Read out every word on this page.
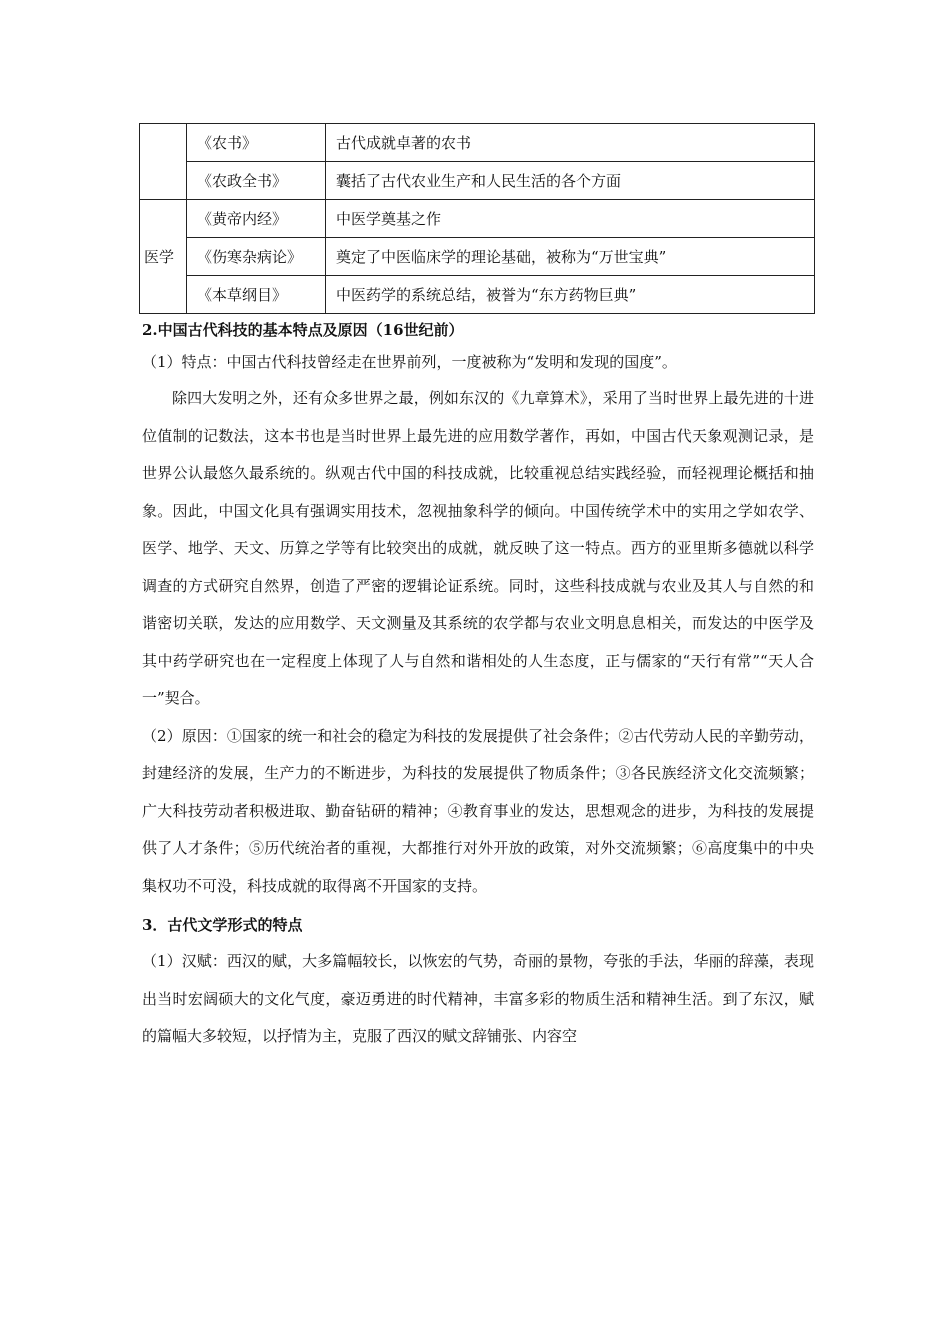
	《农书》	古代成就卓著的农书
	《农政全书》	囊括了古代农业生产和人民生活的各个方面
医学	《黄帝内经》	中医学奠基之作
	《伤寒杂病论》	奠定了中医临床学的理论基础，被称为“万世宝典”
	《本草纲目》	中医药学的系统总结，被誉为“东方药物巨典”

2.中国古代科技的基本特点及原因（16世纪前）

（1）特点：中国古代科技曾经走在世界前列，一度被称为“发明和发现的国度”。

除四大发明之外，还有众多世界之最，例如东汉的《九章算术》，采用了当时世界上最先进的十进位值制的记数法，这本书也是当时世界上最先进的应用数学著作，再如，中国古代天象观测记录，是世界公认最悠久最系统的。纵观古代中国的科技成就，比较重视总结实践经验，而轻视理论概括和抽象。因此，中国文化具有强调实用技术，忽视抽象科学的倾向。中国传统学术中的实用之学如农学、医学、地学、天文、历算之学等有比较突出的成就，就反映了这一特点。西方的亚里斯多德就以科学调查的方式研究自然界，创造了严密的逻辑论证系统。同时，这些科技成就与农业及其人与自然的和谐密切关联，发达的应用数学、天文测量及其系统的农学都与农业文明息息相关，而发达的中医学及其中药学研究也在一定程度上体现了人与自然和谐相处的人生态度，正与儒家的“天行有常”“天人合一”契合。

（2）原因：①国家的统一和社会的稳定为科技的发展提供了社会条件；②古代劳动人民的辛勤劳动，封建经济的发展，生产力的不断进步，为科技的发展提供了物质条件；③各民族经济文化交流频繁；广大科技劳动者积极进取、勤奋钻研的精神；④教育事业的发达，思想观念的进步，为科技的发展提供了人才条件；⑤历代统治者的重视，大都推行对外开放的政策，对外交流频繁；⑥高度集中的中央集权功不可没，科技成就的取得离不开国家的支持。

3．古代文学形式的特点

（1）汉赋：西汉的赋，大多篇幅较长，以恢宏的气势，奇丽的景物，夸张的手法，华丽的辞藻，表现出当时宏阔硕大的文化气度，豪迈勇进的时代精神，丰富多彩的物质生活和精神生活。到了东汉，赋的篇幅大多较短，以抒情为主，克服了西汉的赋文辞铺张、内容空
